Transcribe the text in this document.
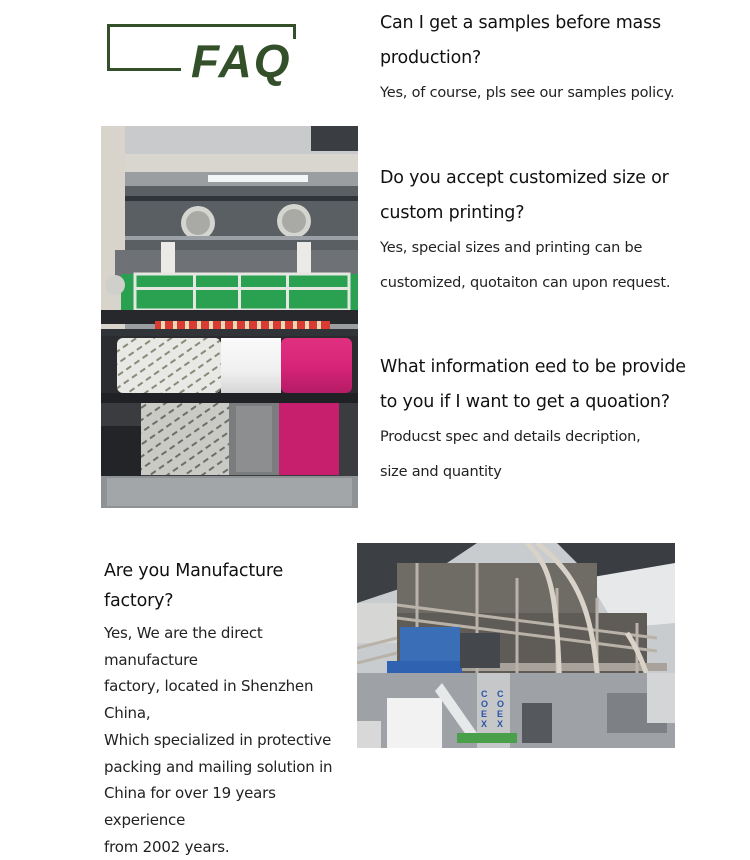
FAQ
Can I get a samples before mass
production?
Yes, of course, pls see our samples policy.
Do you accept customized size or
custom printing?
Yes, special sizes and printing can be
customized, quotaiton can upon request.
What information eed to be provide
to you if I want to get a quoation?
Producst spec and details decription,
size and quantity
Are you Manufacture factory?
Yes, We are the direct manufacture
factory, located in Shenzhen China,
Which specialized in protective
packing and mailing solution in
China for over 19 years experience
from 2002 years.
C
O
E
X
C
O
E
X
